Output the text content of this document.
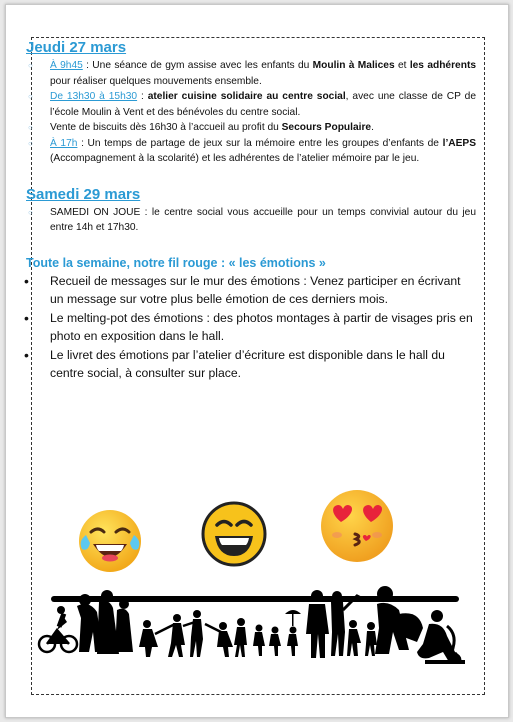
Jeudi 27 mars
○ À 9h45 : Une séance de gym assise avec les enfants du Moulin à Malices et les adhérents pour réaliser quelques mouvements ensemble.
○ De 13h30 à 15h30 : atelier cuisine solidaire au centre social, avec une classe de CP de l’école Moulin à Vent et des bénévoles du centre social.
○ Vente de biscuits dès 16h30 à l’accueil au profit du Secours Populaire.
○ À 17h : Un temps de partage de jeux sur la mémoire entre les groupes d’enfants de l’AEPS (Accompagnement à la scolarité) et les adhérentes de l’atelier mémoire par le jeu.
Samedi 29 mars
○ SAMEDI ON JOUE : le centre social vous accueille pour un temps convivial autour du jeu entre 14h et 17h30.
Toute la semaine, notre fil rouge : « les émotions »
• Recueil de messages sur le mur des émotions : Venez participer en écrivant un message sur votre plus belle émotion de ces derniers mois.
• Le melting-pot des émotions : des photos montages à partir de visages pris en photo en exposition dans le hall.
• Le livret des émotions par l’atelier d’écriture est disponible dans le hall du centre social, à consulter sur place.
